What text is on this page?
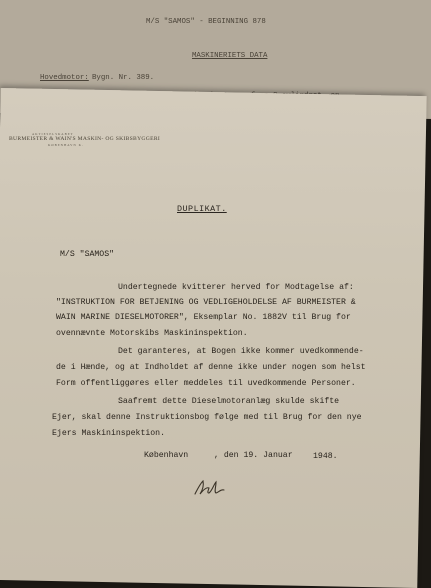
M/S "SAMOS" - BEGINNING 878
MASKINERIETS DATA
Hovedmotor: Bygn. Nr. 389.
AKTIESELSKABET
BURMEISTER & WAIN'S MASKIN- OG SKIBSBYGGERI
KØBENHAVN K.
DUPLIKAT.
M/S "SAMOS"
Undertegnede kvitterer herved for Modtagelse af:
"INSTRUKTION FOR BETJENING OG VEDLIGEHOLDELSE AF BURMEISTER &
WAIN MARINE DIESELMOTORER", Eksemplar No. 1882V til Brug for
ovennævnte Motorskibs Maskininspektion.
Det garanteres, at Bogen ikke kommer uvedkommende-
de i Hænde, og at Indholdet af denne ikke under nogen som helst
Form offentliggøres eller meddeles til uvedkommende Personer.
Saafremt dette Dieselmotoranlæg skulde skifte
Ejer, skal denne Instruktionsbog følge med til Brug for den nye
Ejers Maskininspektion.
København	, den 19. Januar 1948.
